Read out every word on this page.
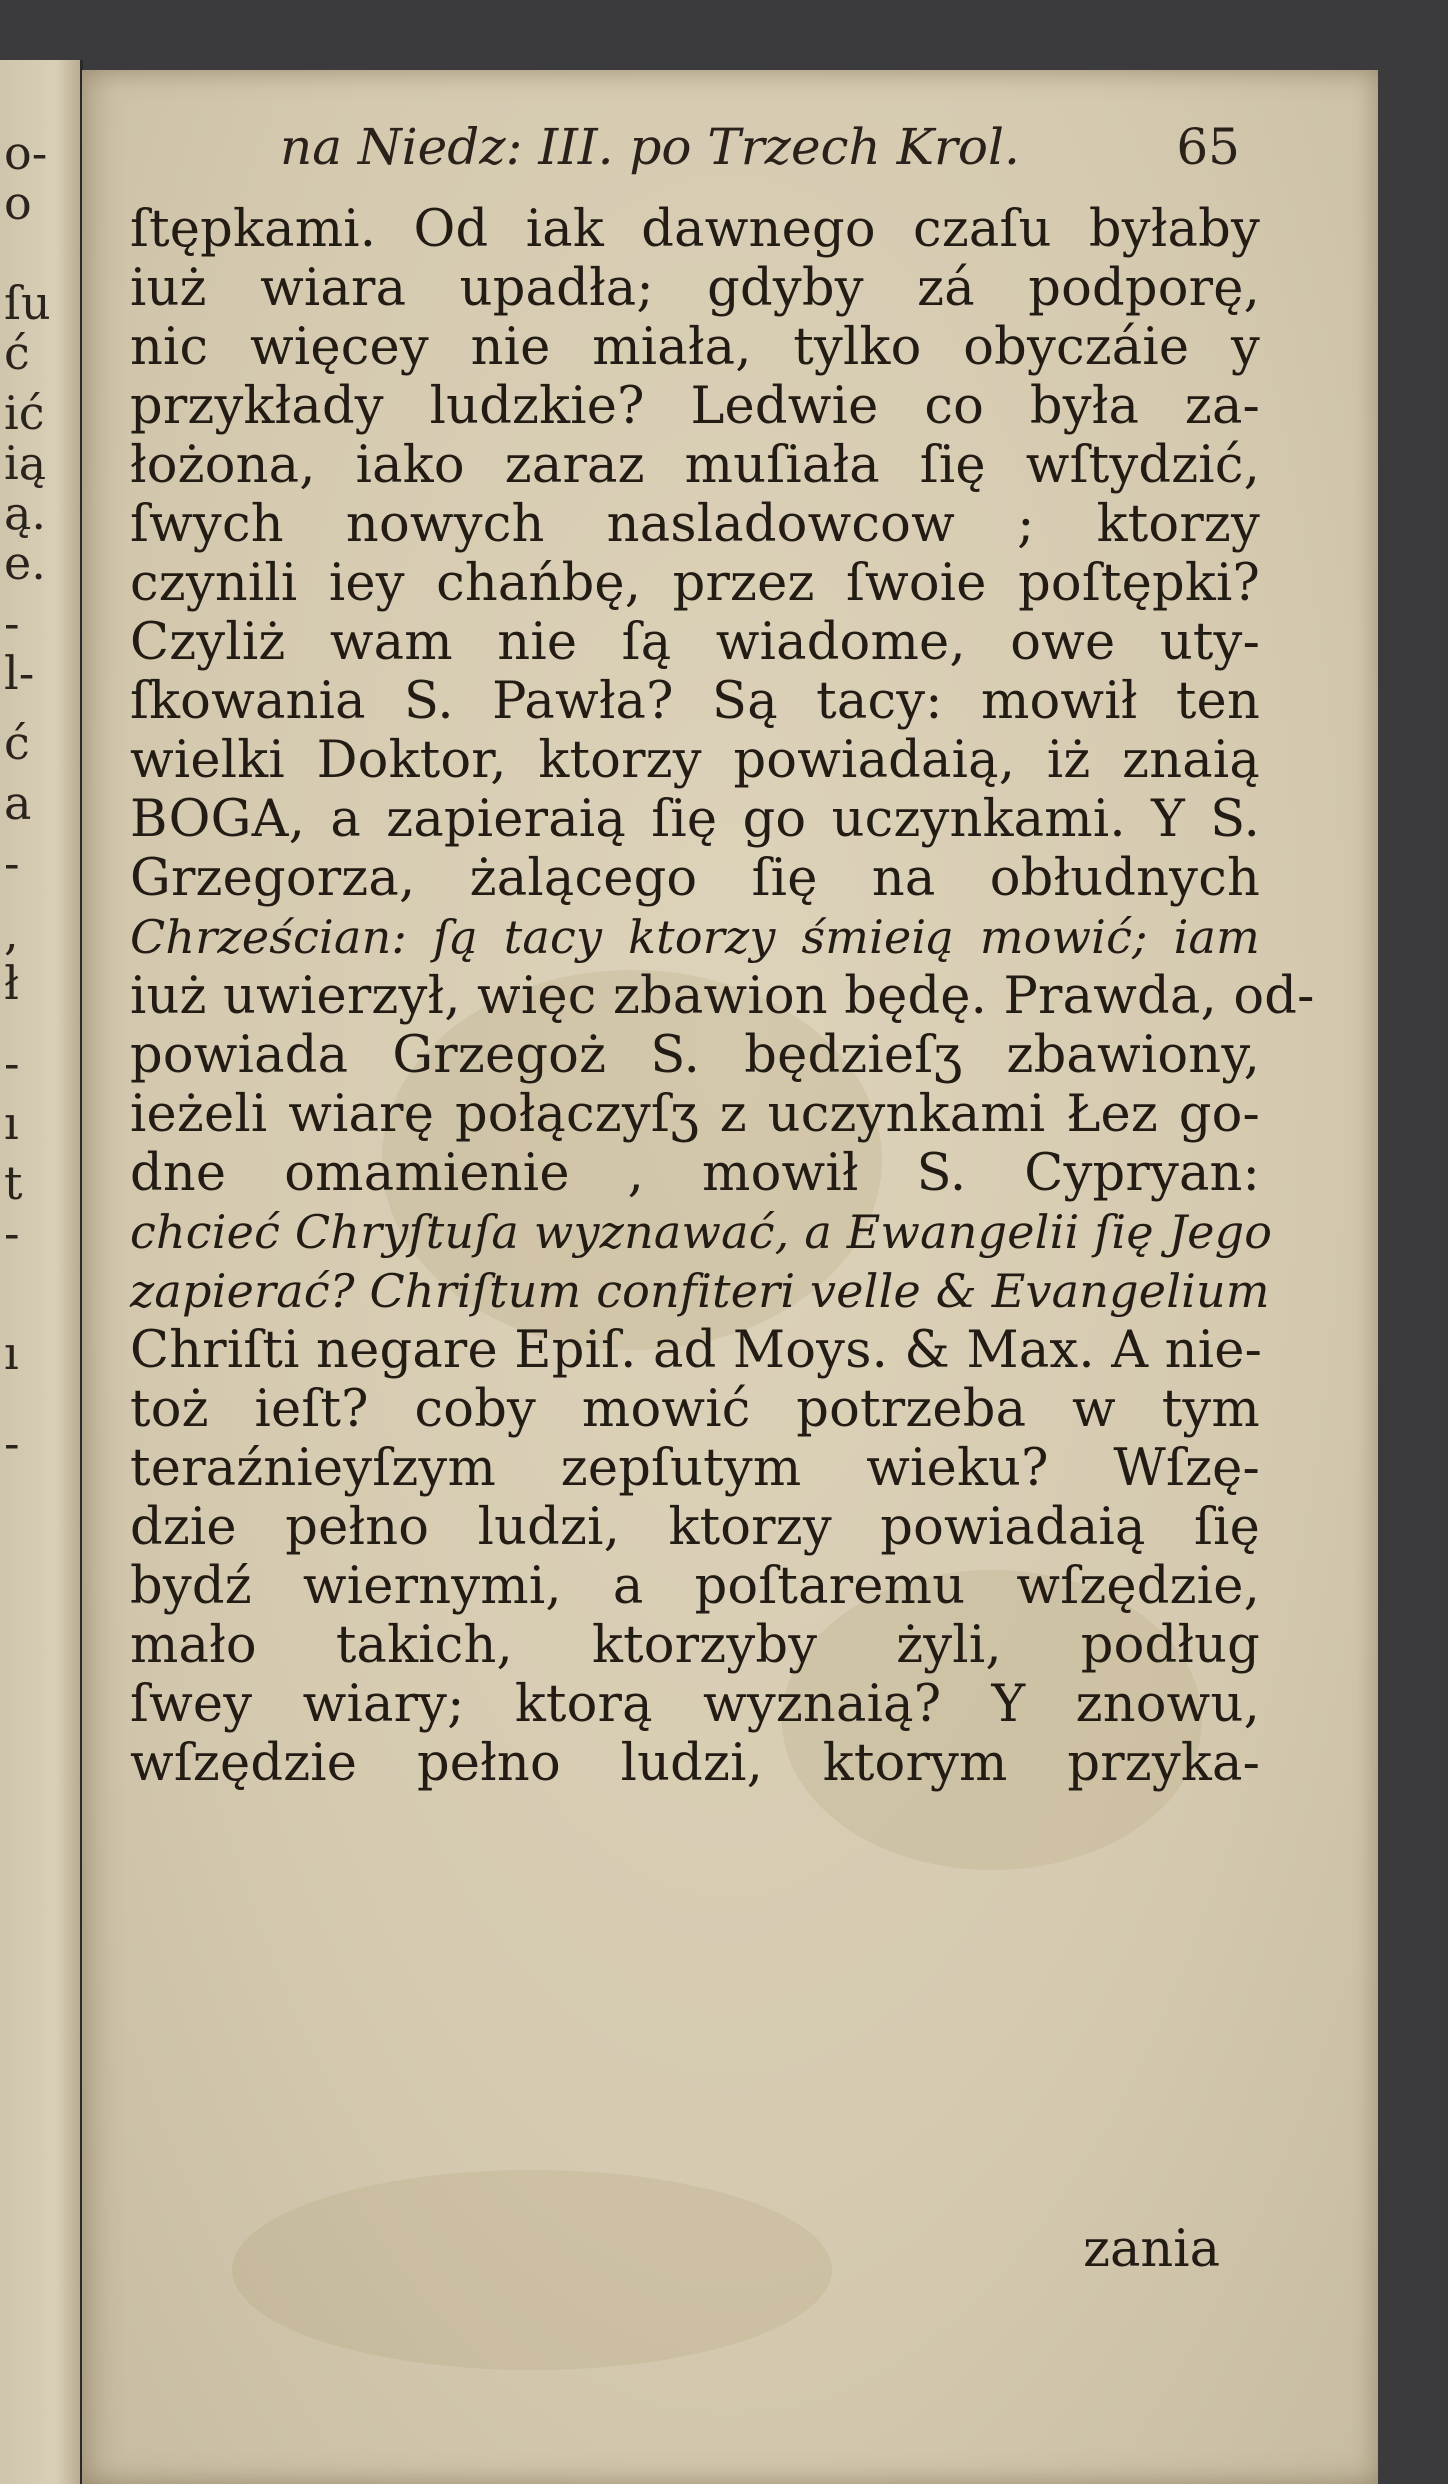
o-
o
ſu
ć
ić
ią
ą.
e.
-
l-
ć
a
-
,
ł
-
ı
t
-
ı
-
na Niedz: III. po Trzech Krol.	65
ſtępkami. Od iak dawnego czaſu byłaby
iuż wiara upadła; gdyby zá podporę,
nic więcey nie miała, tylko obyczáie y
przykłady ludzkie? Ledwie co była za-
łożona, iako zaraz muſiała ſię wſtydzić,
ſwych nowych nasladowcow ; ktorzy
czynili iey chańbę, przez ſwoie poſtępki?
Czyliż wam nie ſą wiadome, owe uty-
ſkowania S. Pawła? Są tacy: mowił ten
wielki Doktor, ktorzy powiadaią, iż znaią
BOGA, a zapieraią ſię go uczynkami. Y S.
Grzegorza, żalącego ſię na obłudnych
Chrześcian: ſą tacy ktorzy śmieią mowić; iam
iuż uwierzył, więc zbawion będę. Prawda, od-
powiada Grzegoż S. będzieſʒ zbawiony,
ieżeli wiarę połączyſʒ z uczynkami Łez go-
dne omamienie , mowił S. Cypryan:
chcieć Chryſtuſa wyznawać, a Ewangelii ſię Jego
zapierać? Chriſtum confiteri velle & Evangelium
Chriſti negare Epiſ. ad Moys. & Max. A nie-
toż ieſt? coby mowić potrzeba w tym
teraźnieyſzym zepſutym wieku? Wſzę-
dzie pełno ludzi, ktorzy powiadaią ſię
bydź wiernymi, a poſtaremu wſzędzie,
mało takich, ktorzyby żyli, podług
ſwey wiary; ktorą wyznaią? Y znowu,
wſzędzie pełno ludzi, ktorym przyka-
zania
